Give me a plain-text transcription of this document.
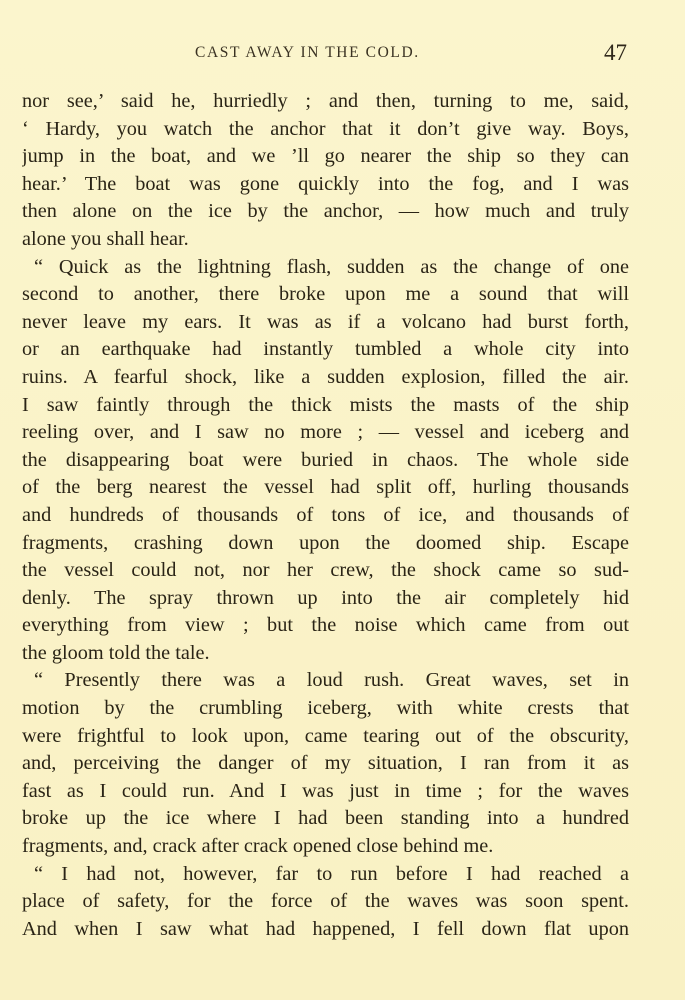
CAST AWAY IN THE COLD.	47
nor see,’ said he, hurriedly ; and then, turning to me, said,
‘ Hardy, you watch the anchor that it don’t give way. Boys,
jump in the boat, and we ’ll go nearer the ship so they can
hear.’ The boat was gone quickly into the fog, and I was
then alone on the ice by the anchor, — how much and truly
alone you shall hear.
“ Quick as the lightning flash, sudden as the change of one
second to another, there broke upon me a sound that will
never leave my ears. It was as if a volcano had burst forth,
or an earthquake had instantly tumbled a whole city into
ruins. A fearful shock, like a sudden explosion, filled the air.
I saw faintly through the thick mists the masts of the ship
reeling over, and I saw no more ; — vessel and iceberg and
the disappearing boat were buried in chaos. The whole side
of the berg nearest the vessel had split off, hurling thousands
and hundreds of thousands of tons of ice, and thousands of
fragments, crashing down upon the doomed ship. Escape
the vessel could not, nor her crew, the shock came so sud-
denly. The spray thrown up into the air completely hid
everything from view ; but the noise which came from out
the gloom told the tale.
“ Presently there was a loud rush. Great waves, set in
motion by the crumbling iceberg, with white crests that
were frightful to look upon, came tearing out of the obscurity,
and, perceiving the danger of my situation, I ran from it as
fast as I could run. And I was just in time ; for the waves
broke up the ice where I had been standing into a hundred
fragments, and, crack after crack opened close behind me.
“ I had not, however, far to run before I had reached a
place of safety, for the force of the waves was soon spent.
And when I saw what had happened, I fell down flat upon
